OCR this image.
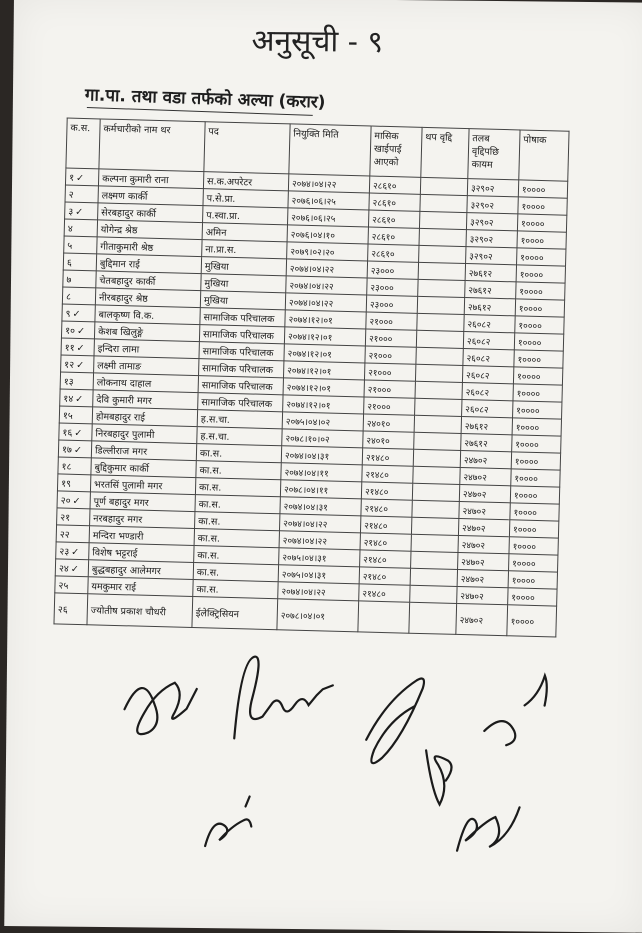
अनुसूची - ९
गा.पा. तथा वडा तर्फको अल्या (करार)
क.स.	कर्मचारीको नाम थर	पद	नियुक्ति मिति	मासिक खाईपाई आएको	थप वृद्दि	तलब वृद्दिपछि कायम	पोषाक
१ ✓	कल्पना कुमारी राना	स.क.अपरेटर	२०७४।०४।२२	२८६१०		३२९०२	१००००
२	लक्ष्मण कार्की	प.से.प्रा.	२०७६।०६।२५	२८६१०		३२९०२	१००००
३ ✓	सेरबहादुर कार्की	प.स्वा.प्रा.	२०७६।०६।२५	२८६१०		३२९०२	१००००
४	योगेन्द्र श्रेष्ठ	अमिन	२०७६।०४।१०	२८६१०		३२९०२	१००००
५	गीताकुमारी श्रेष्ठ	ना.प्रा.स.	२०७९।०२।२०	२८६१०		३२९०२	१००००
६	बुद्दिमान राई	मुखिया	२०७४।०४।२२	२३०००		२७६१२	१००००
७	चेतबहादुर कार्की	मुखिया	२०७४।०४।२२	२३०००		२७६१२	१००००
८	नीरबहादुर श्रेष्ठ	मुखिया	२०७४।०४।२२	२३०००		२७६१२	१००००
९ ✓	बालकृष्ण वि.क.	सामाजिक परिचालक	२०७४।१२।०१	२१०००		२६०८२	१००००
१० ✓	केशब खिलुङ्गे	सामाजिक परिचालक	२०७४।१२।०१	२१०००		२६०८२	१००००
११ ✓	इन्दिरा लामा	सामाजिक परिचालक	२०७४।१२।०१	२१०००		२६०८२	१००००
१२ ✓	लक्ष्मी तामाङ	सामाजिक परिचालक	२०७४।१२।०१	२१०००		२६०८२	१००००
१३	लोकनाथ दाहाल	सामाजिक परिचालक	२०७४।१२।०१	२१०००		२६०८२	१००००
१४ ✓	देवि कुमारी मगर	सामाजिक परिचालक	२०७४।१२।०१	२१०००		२६०८२	१००००
१५	होमबहादुर राई	ह.स.चा.	२०७५।०४।०२	२४०१०		२७६१२	१००००
१६ ✓	निरबहादुर पुलामी	ह.स.चा.	२०७८।१०।०२	२४०१०		२७६१२	१००००
१७ ✓	डिल्लीराज मगर	का.स.	२०७४।०४।३१	२१४८०		२४७०२	१००००
१८	बुद्दिकुमार कार्की	का.स.	२०७४।०४।११	२१४८०		२४७०२	१००००
१९	भरतसिं पुलामी मगर	का.स.	२०७८।०४।११	२१४८०		२४७०२	१००००
२० ✓	पूर्ण बहादुर मगर	का.स.	२०७४।०४।३१	२१४८०		२४७०२	१००००
२१	नरबहादुर मगर	का.स.	२०७४।०४।२२	२१४८०		२४७०२	१००००
२२	मन्दिरा भण्डारी	का.स.	२०७४।०४।२२	२१४८०		२४७०२	१००००
२३ ✓	विशेष भट्टराई	का.स.	२०७५।०४।३१	२१४८०		२४७०२	१००००
२४ ✓	बुद्धबहादुर आलेमगर	का.स.	२०७५।०४।३१	२१४८०		२४७०२	१००००
२५	यमकुमार राई	का.स.	२०७४।०४।२२	२१४८०		२४७०२	१००००
२६	ज्योतीष प्रकाश चौधरी	ईलेक्ट्रिसियन	२०७८।०४।०१			२४७०२	१००००
